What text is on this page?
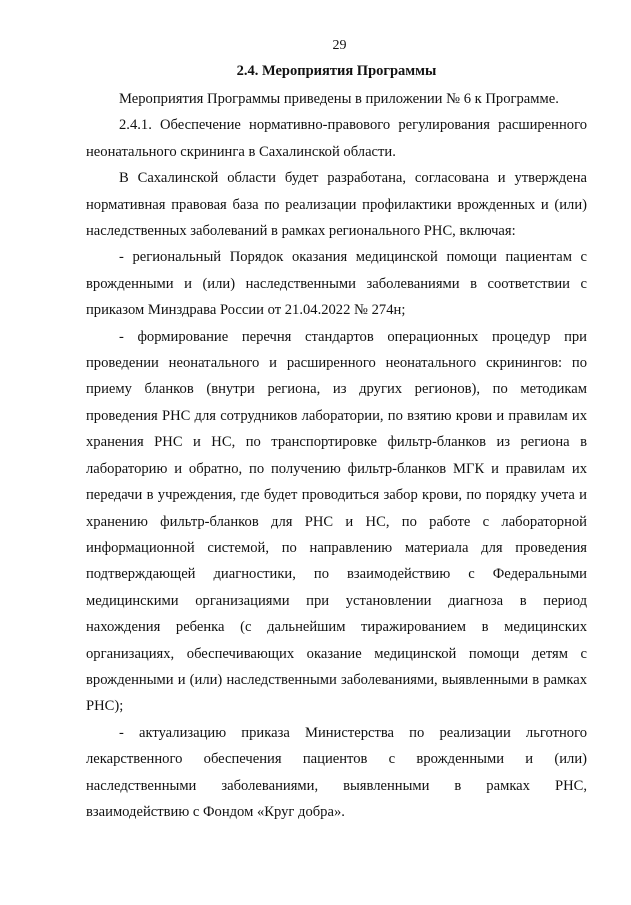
29
2.4. Мероприятия Программы

Мероприятия Программы приведены в приложении № 6 к Программе.

2.4.1. Обеспечение нормативно-правового регулирования расширенного неонатального скрининга в Сахалинской области.

В Сахалинской области будет разработана, согласована и утверждена нормативная правовая база по реализации профилактики врожденных и (или) наследственных заболеваний в рамках регионального РНС, включая:

- региональный Порядок оказания медицинской помощи пациентам с врожденными и (или) наследственными заболеваниями в соответствии с приказом Минздрава России от 21.04.2022 № 274н;

- формирование перечня стандартов операционных процедур при проведении неонатального и расширенного неонатального скринингов: по приему бланков (внутри региона, из других регионов), по методикам проведения РНС для сотрудников лаборатории, по взятию крови и правилам их хранения РНС и НС, по транспортировке фильтр-бланков из региона в лабораторию и обратно, по получению фильтр-бланков МГК и правилам их передачи в учреждения, где будет проводиться забор крови, по порядку учета и хранению фильтр-бланков для РНС и НС, по работе с лабораторной информационной системой, по направлению материала для проведения подтверждающей диагностики, по взаимодействию с Федеральными медицинскими организациями при установлении диагноза в период нахождения ребенка (с дальнейшим тиражированием в медицинских организациях, обеспечивающих оказание медицинской помощи детям с врожденными и (или) наследственными заболеваниями, выявленными в рамках РНС);

- актуализацию приказа Министерства по реализации льготного лекарственного обеспечения пациентов с врожденными и (или) наследственными заболеваниями, выявленными в рамках РНС, взаимодействию с Фондом «Круг добра».
